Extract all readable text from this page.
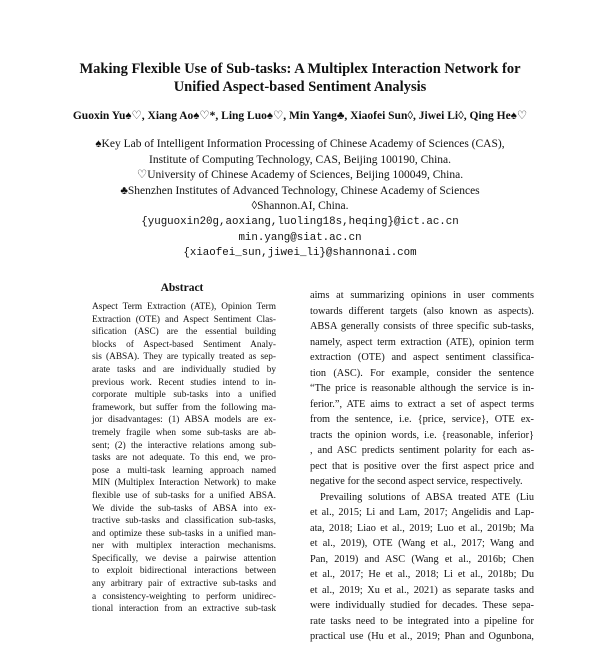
Making Flexible Use of Sub-tasks: A Multiplex Interaction Network for
Unified Aspect-based Sentiment Analysis
Guoxin Yu♠♡, Xiang Ao♠♡*, Ling Luo♠♡, Min Yang♣, Xiaofei Sun◊, Jiwei Li◊, Qing He♠♡
♠Key Lab of Intelligent Information Processing of Chinese Academy of Sciences (CAS),
Institute of Computing Technology, CAS, Beijing 100190, China.
♡University of Chinese Academy of Sciences, Beijing 100049, China.
♣Shenzhen Institutes of Advanced Technology, Chinese Academy of Sciences
◊Shannon.AI, China.
{yuguoxin20g,aoxiang,luoling18s,heqing}@ict.ac.cn
min.yang@siat.ac.cn
{xiaofei_sun,jiwei_li}@shannonai.com
Abstract
Aspect Term Extraction (ATE), Opinion Term
Extraction (OTE) and Aspect Sentiment Clas-
sification (ASC) are the essential building
blocks of Aspect-based Sentiment Analy-
sis (ABSA). They are typically treated as sep-
arate tasks and are individually studied by
previous work. Recent studies intend to in-
corporate multiple sub-tasks into a unified
framework, but suffer from the following ma-
jor disadvantages: (1) ABSA models are ex-
tremely fragile when some sub-tasks are ab-
sent; (2) the interactive relations among sub-
tasks are not adequate. To this end, we pro-
pose a multi-task learning approach named
MIN (Multiplex Interaction Network) to make
flexible use of sub-tasks for a unified ABSA.
We divide the sub-tasks of ABSA into ex-
tractive sub-tasks and classification sub-tasks,
and optimize these sub-tasks in a unified man-
ner with multiplex interaction mechanisms.
Specifically, we devise a pairwise attention
to exploit bidirectional interactions between
any arbitrary pair of extractive sub-tasks and
a consistency-weighting to perform unidirec-
tional interaction from an extractive sub-task
aims at summarizing opinions in user comments
towards different targets (also known as aspects).
ABSA generally consists of three specific sub-tasks,
namely, aspect term extraction (ATE), opinion term
extraction (OTE) and aspect sentiment classifica-
tion (ASC). For example, consider the sentence
“The price is reasonable although the service is in-
ferior.”, ATE aims to extract a set of aspect terms
from the sentence, i.e. {price, service}, OTE ex-
tracts the opinion words, i.e. {reasonable, inferior}
, and ASC predicts sentiment polarity for each as-
pect that is positive over the first aspect price and
negative for the second aspect service, respectively.
Prevailing solutions of ABSA treated ATE (Liu
et al., 2015; Li and Lam, 2017; Angelidis and Lap-
ata, 2018; Liao et al., 2019; Luo et al., 2019b; Ma
et al., 2019), OTE (Wang et al., 2017; Wang and
Pan, 2019) and ASC (Wang et al., 2016b; Chen
et al., 2017; He et al., 2018; Li et al., 2018b; Du
et al., 2019; Xu et al., 2021) as separate tasks and
were individually studied for decades. These sepa-
rate tasks need to be integrated into a pipeline for
practical use (Hu et al., 2019; Phan and Ogunbona,
